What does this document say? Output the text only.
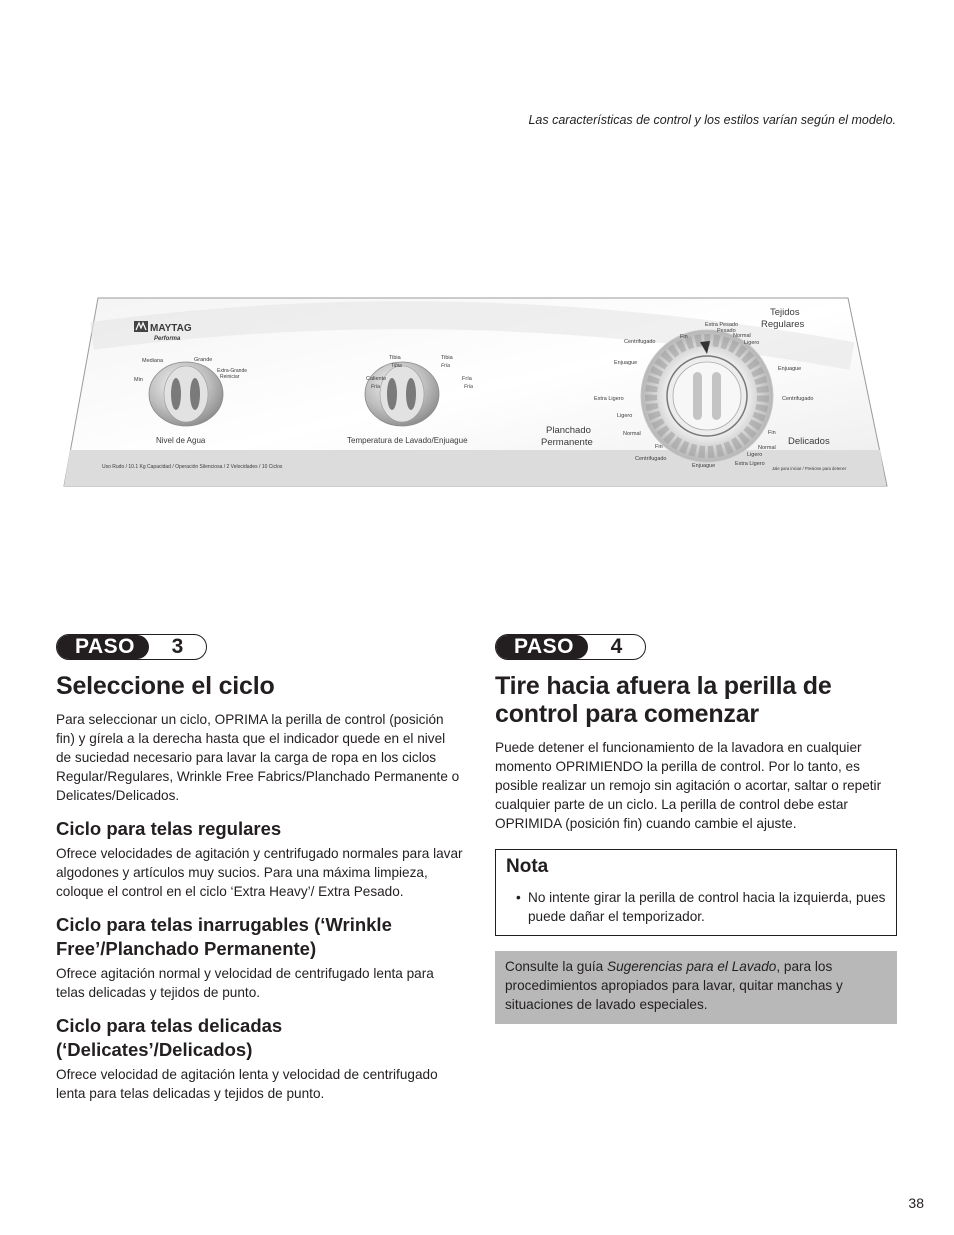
Las características de control y los estilos varían según el modelo.
MAYTAG
Performa
Mediana	Grande
Extra-Grande
Reiniciar
Min
Nivel de Agua
Tibia
Tibia
Tibia
Fría
Caliente
Fría
Fría
Fría
Temperatura de Lavado/Enjuague
Tejidos
Regulares
Planchado
Permanente	Delicados
Extra Pesado
Pesado
Normal
Ligero
Enjuague
Centrifugado
Fin
Normal
Ligero
Extra Ligero
Enjuague
Centrifugado
Fin
Normal
Ligero
Extra Ligero
Enjuague
Centrifugado
Fin
Uso Rudo / 10.1 Kg Capacidad / Operación Silenciosa / 2 Velocidades / 10 Ciclos	Jale para iniciar / Presione para detener
PASO	3
Seleccione el ciclo

Para seleccionar un ciclo, OPRIMA la perilla de control (posición fin) y gírela a la derecha hasta que el indicador quede en el nivel de suciedad necesario para lavar la carga de ropa en los ciclos Regular/Regulares, Wrinkle Free Fabrics/Planchado Permanente o Delicates/Delicados.

Ciclo para telas regulares

Ofrece velocidades de agitación y centrifugado normales para lavar algodones y artículos muy sucios. Para una máxima limpieza, coloque el control en el ciclo ‘Extra Heavy’/ Extra Pesado.

Ciclo para telas inarrugables (‘Wrinkle Free’/Planchado Permanente)

Ofrece agitación normal y velocidad de centrifugado lenta para telas delicadas y tejidos de punto.

Ciclo para telas delicadas (‘Delicates’/Delicados)

Ofrece velocidad de agitación lenta y velocidad de centrifugado lenta para telas delicadas y tejidos de punto.

PASO	4
Tire hacia afuera la perilla de control para comenzar

Puede detener el funcionamiento de la lavadora en cualquier momento OPRIMIENDO la perilla de control. Por lo tanto, es posible realizar un remojo sin agitación o acortar, saltar o repetir cualquier parte de un ciclo. La perilla de control debe estar OPRIMIDA (posición fin) cuando cambie el ajuste.

Nota
• No intente girar la perilla de control hacia la izquierda, pues puede dañar el temporizador.
Consulte la guía Sugerencias para el Lavado, para los procedimientos apropiados para lavar, quitar manchas y situaciones de lavado especiales.
38
